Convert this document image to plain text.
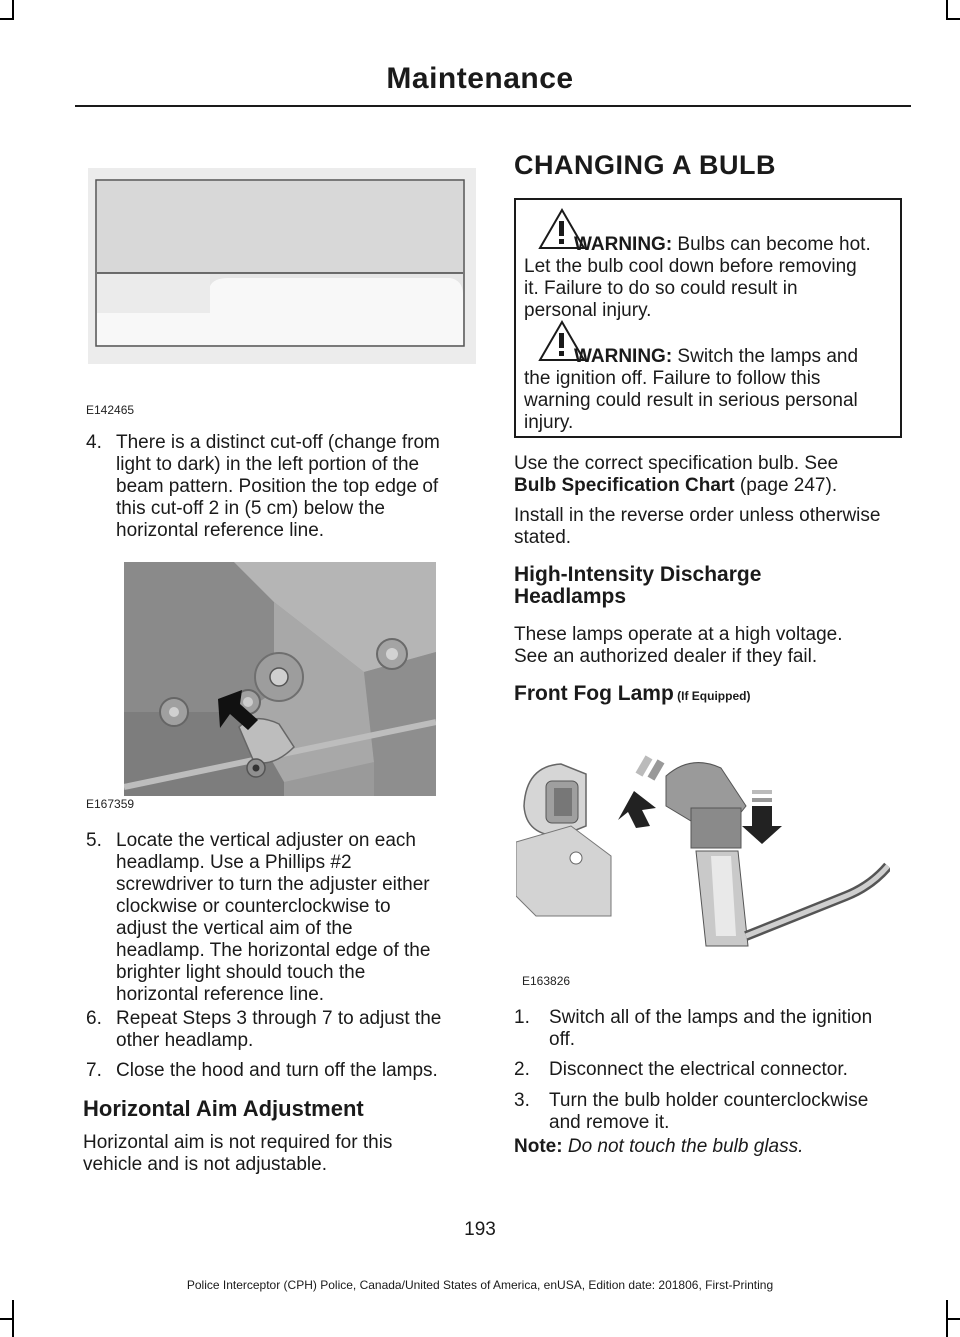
Maintenance
E142465
4. There is a distinct cut-off (change from
light to dark) in the left portion of the
beam pattern. Position the top edge of
this cut-off 2 in (5 cm) below the
horizontal reference line.
E167359
5. Locate the vertical adjuster on each
headlamp. Use a Phillips #2
screwdriver to turn the adjuster either
clockwise or counterclockwise to
adjust the vertical aim of the
headlamp. The horizontal edge of the
brighter light should touch the
horizontal reference line.
6. Repeat Steps 3 through 7 to adjust the
other headlamp.
7. Close the hood and turn off the lamps.
Horizontal Aim Adjustment
Horizontal aim is not required for this
vehicle and is not adjustable.
CHANGING A BULB
WARNING: Bulbs can become hot.
Let the bulb cool down before removing
it. Failure to do so could result in
personal injury.
WARNING: Switch the lamps and
the ignition off. Failure to follow this
warning could result in serious personal
injury.
Use the correct specification bulb. See
Bulb Specification Chart (page 247).
Install in the reverse order unless otherwise
stated.
High-Intensity Discharge
Headlamps
These lamps operate at a high voltage.
See an authorized dealer if they fail.
Front Fog Lamp (If Equipped)
E163826
1. Switch all of the lamps and the ignition
off.
2. Disconnect the electrical connector.
3. Turn the bulb holder counterclockwise
and remove it.
Note: Do not touch the bulb glass.
193
Police Interceptor (CPH) Police, Canada/United States of America, enUSA, Edition date: 201806, First-Printing
